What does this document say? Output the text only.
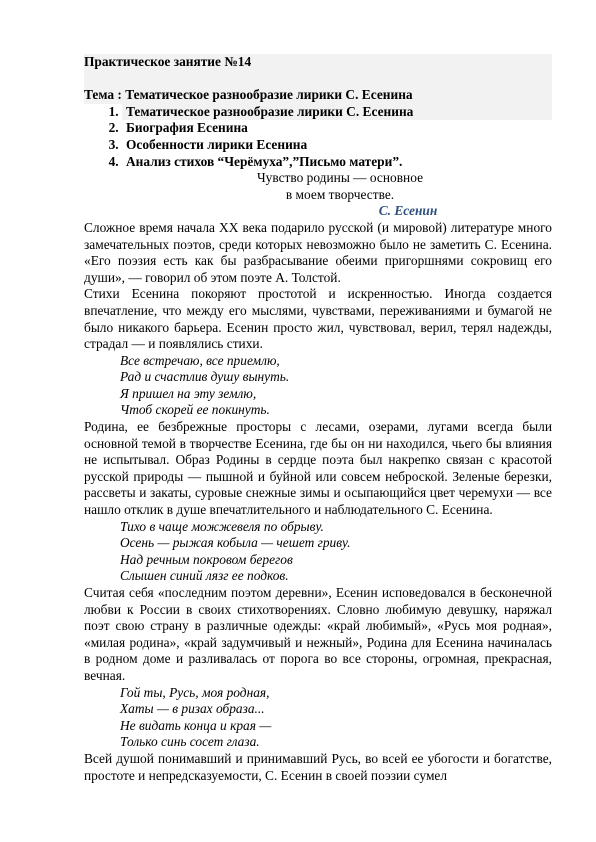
Практическое занятие №14

Тема : Тематическое разнообразие лирики С. Есенина

1. Тематическое разнообразие лирики С. Есенина
2. Биография Есенина
3. Особенности лирики Есенина
4. Анализ стихов “Черёмуха”,”Письмо матери”.
Чувство родины — основное
в моем творчестве.
С. Есенин

Сложное время начала XX века подарило русской (и мировой) литературе много замечательных поэтов, среди которых невозможно было не заметить С. Есенина. «Его поэзия есть как бы разбрасывание обеими пригоршнями сокровищ его души», — говорил об этом поэте А. Толстой.

Стихи Есенина покоряют простотой и искренностью. Иногда создается впечатление, что между его мыслями, чувствами, переживаниями и бумагой не было никакого барьера. Есенин просто жил, чувствовал, верил, терял надежды, страдал — и появлялись стихи.

Все встречаю, все приемлю,

Рад и счастлив душу вынуть.

Я пришел на эту землю,

Чтоб скорей ее покинуть.

Родина, ее безбрежные просторы с лесами, озерами, лугами всегда были основной темой в творчестве Есенина, где бы он ни находился, чьего бы влияния не испытывал. Образ Родины в сердце поэта был накрепко связан с красотой русской природы — пышной и буйной или совсем неброской. Зеленые березки, рассветы и закаты, суровые снежные зимы и осыпающийся цвет черемухи — все нашло отклик в душе впечатлительного и наблюдательного С. Есенина.

Тихо в чаще можжевеля по обрыву.

Осень — рыжая кобыла — чешет гриву.

Над речным покровом берегов

Слышен синий лязг ее подков.

Считая себя «последним поэтом деревни», Есенин исповедовался в бесконечной любви к России в своих стихотворениях. Словно любимую девушку, наряжал поэт свою страну в различные одежды: «край любимый», «Русь моя родная», «милая родина», «край задумчивый и нежный», Родина для Есенина начиналась в родном доме и разливалась от порога во все стороны, огромная, прекрасная, вечная.

Гой ты, Русь, моя родная,

Хаты — в ризах образа...

Не видать конца и края —

Только синь сосет глаза.

Всей душой понимавший и принимавший Русь, во всей ее убогости и богатстве, простоте и непредсказуемости, С. Есенин в своей поэзии сумел
